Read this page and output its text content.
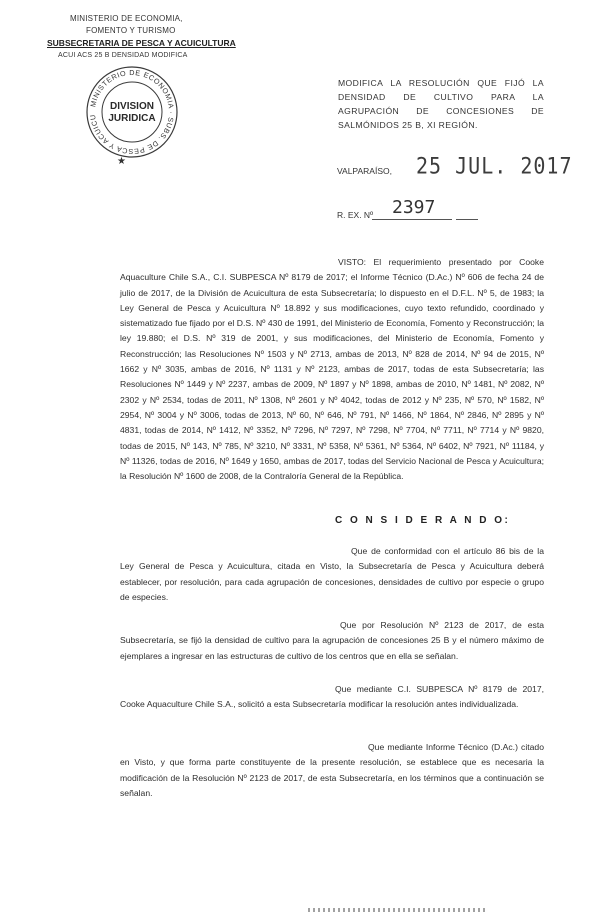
MINISTERIO DE ECONOMIA,
FOMENTO Y TURISMO
SUBSECRETARIA DE PESCA Y ACUICULTURA
ACUI ACS 25 B DENSIDAD MODIFICA
MINISTERIO DE ECONOMIA · SUBS. DE PESCA Y ACUICU
DIVISION
JURIDICA
★
MODIFICA LA RESOLUCIÓN QUE FIJÓ LA DENSIDAD DE CULTIVO PARA LA AGRUPACIÓN DE CONCESIONES DE SALMÓNIDOS 25 B, XI REGIÓN.
VALPARAÍSO, 25 JUL. 2017
R. EX. Nº 2397
VISTO: El requerimiento presentado por Cooke Aquaculture Chile S.A., C.I. SUBPESCA Nº 8179 de 2017; el Informe Técnico (D.Ac.) Nº 606 de fecha 24 de julio de 2017, de la División de Acuicultura de esta Subsecretaría; lo dispuesto en el D.F.L. Nº 5, de 1983; la Ley General de Pesca y Acuicultura Nº 18.892 y sus modificaciones, cuyo texto refundido, coordinado y sistematizado fue fijado por el D.S. Nº 430 de 1991, del Ministerio de Economía, Fomento y Reconstrucción; la ley 19.880; el D.S. Nº 319 de 2001, y sus modificaciones, del Ministerio de Economía, Fomento y Reconstrucción; las Resoluciones Nº 1503 y Nº 2713, ambas de 2013, Nº 828 de 2014, Nº 94 de 2015, Nº 1662 y Nº 3035, ambas de 2016, Nº 1131 y Nº 2123, ambas de 2017, todas de esta Subsecretaría; las Resoluciones Nº 1449 y Nº 2237, ambas de 2009, Nº 1897 y Nº 1898, ambas de 2010, Nº 1481, Nº 2082, Nº 2302 y Nº 2534, todas de 2011, Nº 1308, Nº 2601 y Nº 4042, todas de 2012 y Nº 235, Nº 570, Nº 1582, Nº 2954, Nº 3004 y Nº 3006, todas de 2013, Nº 60, Nº 646, Nº 791, Nº 1466, Nº 1864, Nº 2846, Nº 2895 y Nº 4831, todas de 2014, Nº 1412, Nº 3352, Nº 7296, Nº 7297, Nº 7298, Nº 7704, Nº 7711, Nº 7714 y Nº 9820, todas de 2015, Nº 143, Nº 785, Nº 3210, Nº 3331, Nº 5358, Nº 5361, Nº 5364, Nº 6402, Nº 7921, Nº 11184, y Nº 11326, todas de 2016, Nº 1649 y 1650, ambas de 2017, todas del Servicio Nacional de Pesca y Acuicultura; la Resolución Nº 1600 de 2008, de la Contraloría General de la República.
C O N S I D E R A N D O:
Que de conformidad con el artículo 86 bis de la Ley General de Pesca y Acuicultura, citada en Visto, la Subsecretaría de Pesca y Acuicultura deberá establecer, por resolución, para cada agrupación de concesiones, densidades de cultivo por especie o grupo de especies.
Que por Resolución Nº 2123 de 2017, de esta Subsecretaría, se fijó la densidad de cultivo para la agrupación de concesiones 25 B y el número máximo de ejemplares a ingresar en las estructuras de cultivo de los centros que en ella se señalan.
Que mediante C.I. SUBPESCA Nº 8179 de 2017, Cooke Aquaculture Chile S.A., solicitó a esta Subsecretaría modificar la resolución antes individualizada.
Que mediante Informe Técnico (D.Ac.) citado en Visto, y que forma parte constituyente de la presente resolución, se establece que es necesaria la modificación de la Resolución Nº 2123 de 2017, de esta Subsecretaría, en los términos que a continuación se señalan.
